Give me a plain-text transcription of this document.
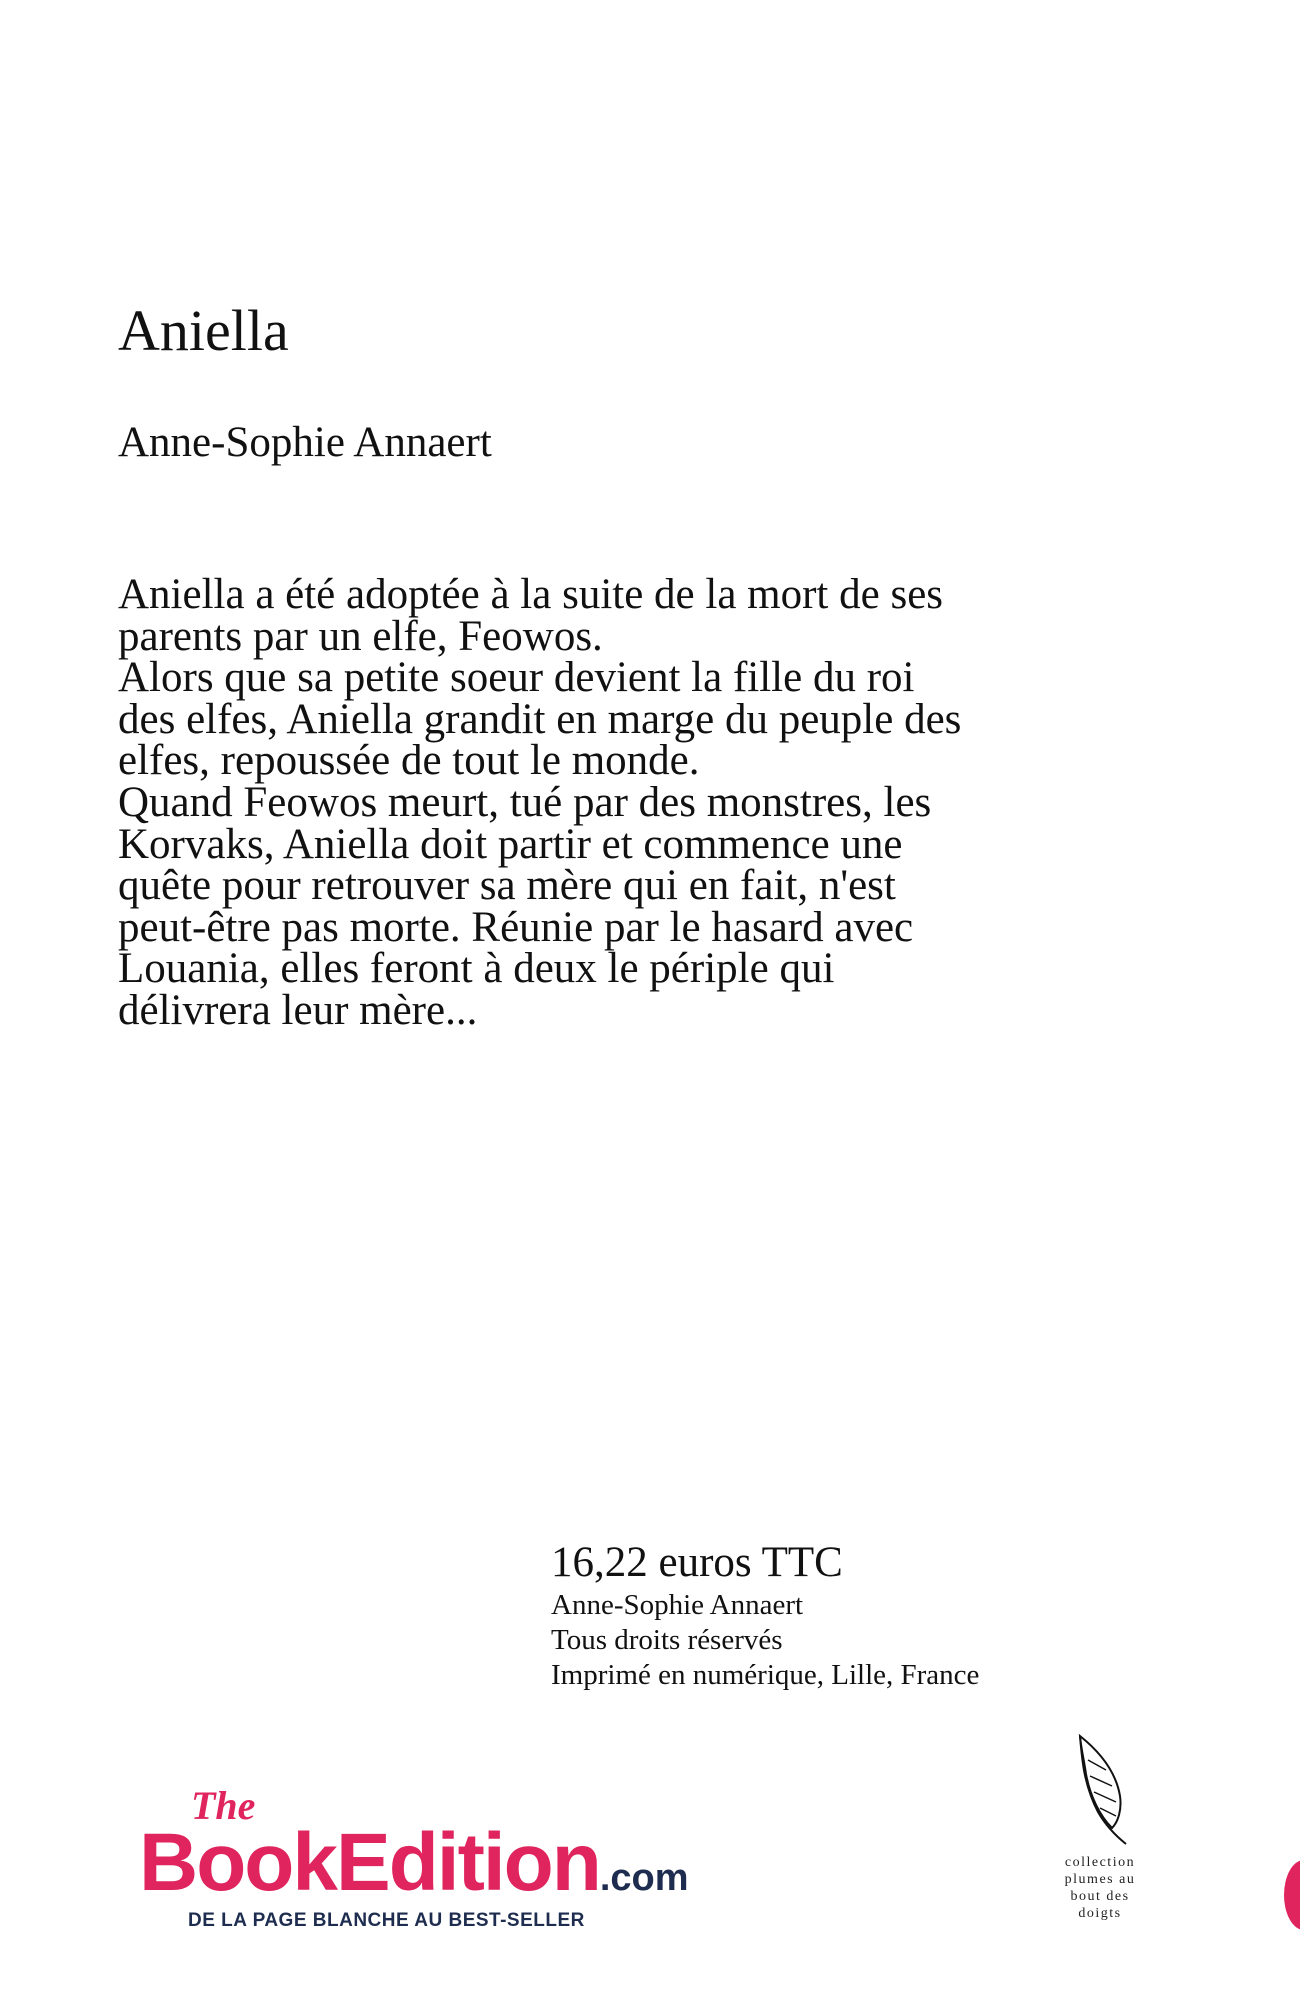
Aniella

Anne-Sophie Annaert

Aniella a été adoptée à la suite de la mort de ses parents par un elfe, Feowos.

Alors que sa petite soeur devient la fille du roi des elfes, Aniella grandit en marge du peuple des elfes, repoussée de tout le monde.

Quand Feowos meurt, tué par des monstres, les Korvaks, Aniella doit partir et commence une quête pour retrouver sa mère qui en fait, n'est peut-être pas morte. Réunie par le hasard avec Louania, elles feront à deux le périple qui délivrera leur mère...

16,22 euros TTC

Anne-Sophie Annaert

Tous droits réservés

Imprimé en numérique, Lille, France

The
BookEdition.com
DE LA PAGE BLANCHE AU BEST-SELLER

collection
plumes au
bout des
doigts
